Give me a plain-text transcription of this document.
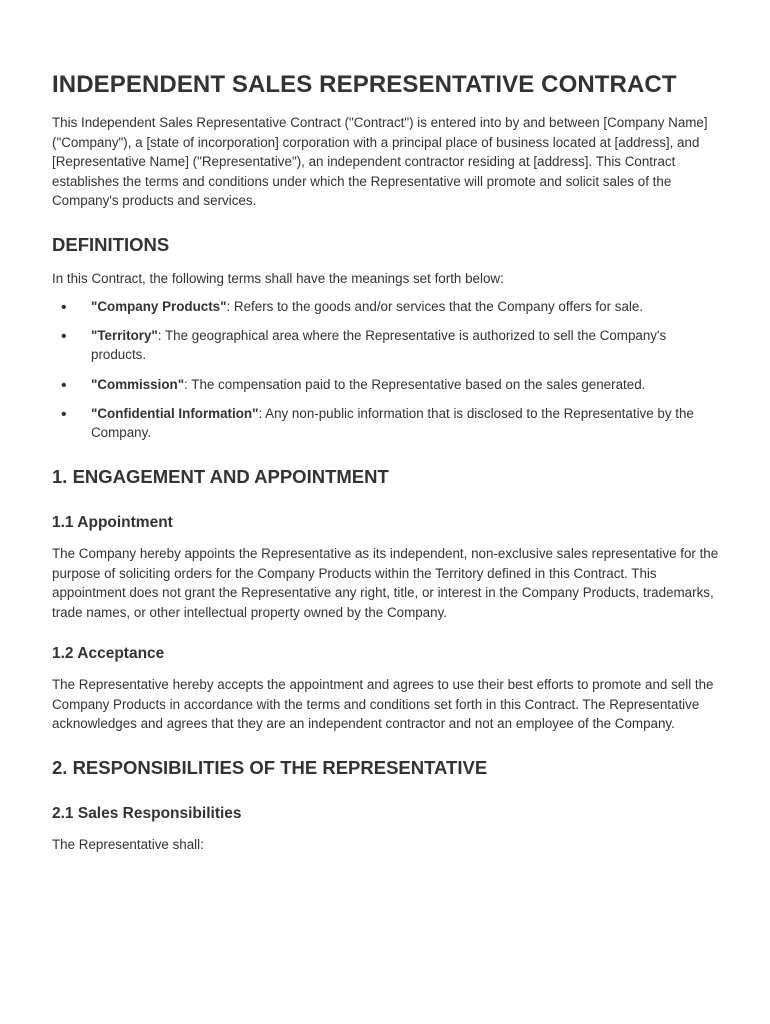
INDEPENDENT SALES REPRESENTATIVE CONTRACT

This Independent Sales Representative Contract ("Contract") is entered into by and between [Company Name] ("Company"), a [state of incorporation] corporation with a principal place of business located at [address], and [Representative Name] ("Representative"), an independent contractor residing at [address]. This Contract establishes the terms and conditions under which the Representative will promote and solicit sales of the Company's products and services.

DEFINITIONS

In this Contract, the following terms shall have the meanings set forth below:

• "Company Products": Refers to the goods and/or services that the Company offers for sale.
• "Territory": The geographical area where the Representative is authorized to sell the Company's products.
• "Commission": The compensation paid to the Representative based on the sales generated.
• "Confidential Information": Any non-public information that is disclosed to the Representative by the Company.
1. ENGAGEMENT AND APPOINTMENT
1.1 Appointment

The Company hereby appoints the Representative as its independent, non-exclusive sales representative for the purpose of soliciting orders for the Company Products within the Territory defined in this Contract. This appointment does not grant the Representative any right, title, or interest in the Company Products, trademarks, trade names, or other intellectual property owned by the Company.

1.2 Acceptance

The Representative hereby accepts the appointment and agrees to use their best efforts to promote and sell the Company Products in accordance with the terms and conditions set forth in this Contract. The Representative acknowledges and agrees that they are an independent contractor and not an employee of the Company.

2. RESPONSIBILITIES OF THE REPRESENTATIVE
2.1 Sales Responsibilities

The Representative shall:
